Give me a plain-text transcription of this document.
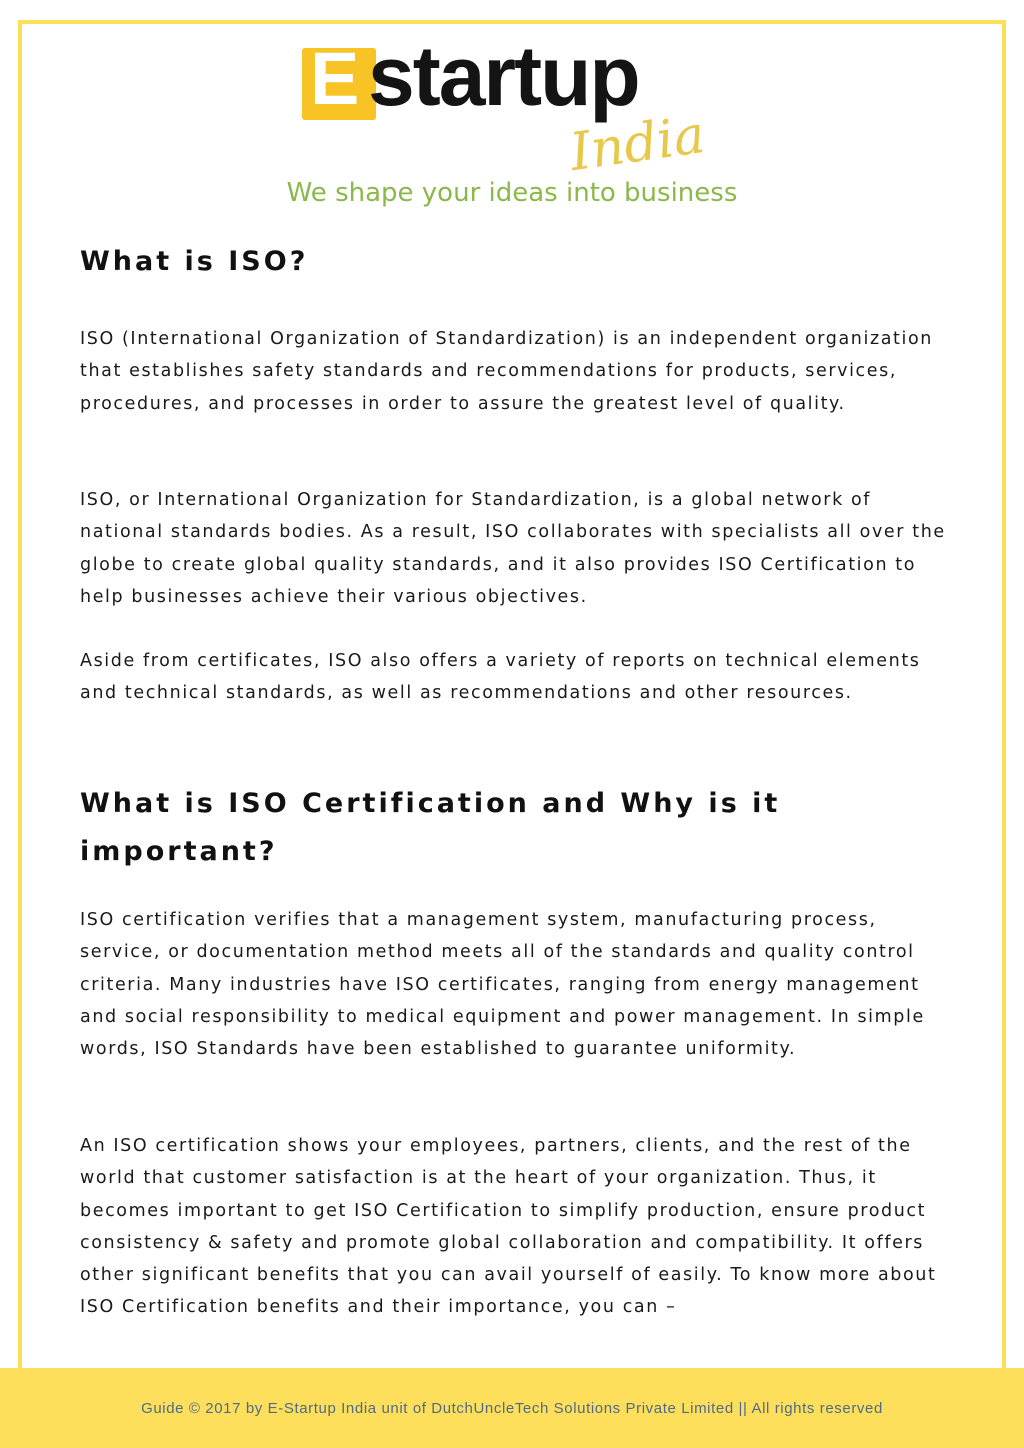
E startup
India
We shape your ideas into business
What is ISO?

ISO (International Organization of Standardization) is an independent organization that establishes safety standards and recommendations for products, services, procedures, and processes in order to assure the greatest level of quality.

ISO, or International Organization for Standardization, is a global network of national standards bodies. As a result, ISO collaborates with specialists all over the globe to create global quality standards, and it also provides ISO Certification to help businesses achieve their various objectives.

Aside from certificates, ISO also offers a variety of reports on technical elements and technical standards, as well as recommendations and other resources.

What is ISO Certification and Why is it important?

ISO certification verifies that a management system, manufacturing process, service, or documentation method meets all of the standards and quality control criteria. Many industries have ISO certificates, ranging from energy management and social responsibility to medical equipment and power management. In simple words, ISO Standards have been established to guarantee uniformity.

An ISO certification shows your employees, partners, clients, and the rest of the world that customer satisfaction is at the heart of your organization. Thus, it becomes important to get ISO Certification to simplify production, ensure product consistency & safety and promote global collaboration and compatibility. It offers other significant benefits that you can avail yourself of easily. To know more about ISO Certification benefits and their importance, you can –

Guide © 2017 by E-Startup India unit of DutchUncleTech Solutions Private Limited || All rights reserved
